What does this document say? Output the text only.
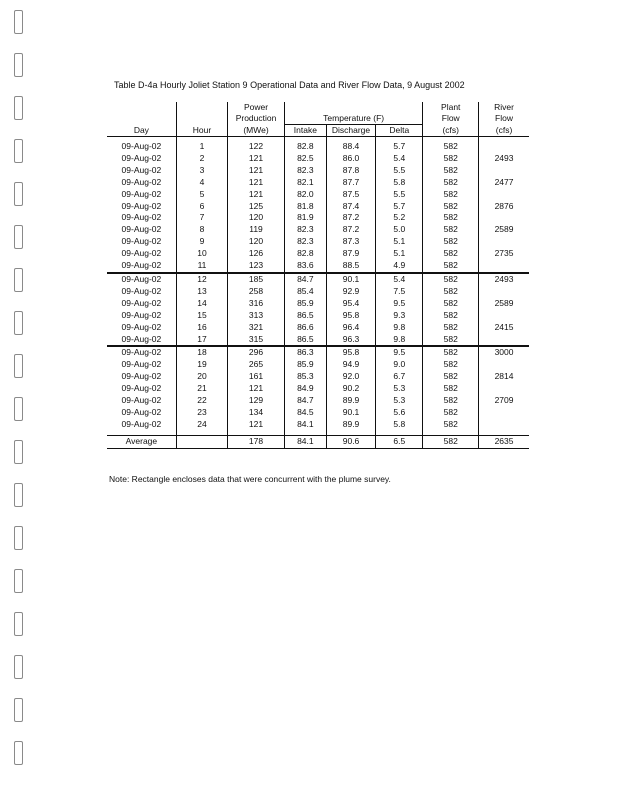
Table D-4a Hourly Joliet Station 9 Operational Data and River Flow Data, 9 August 2002
		Power				Plant	River
		Production	Temperature (F)			Flow	Flow
Day	Hour	(MWe)	Intake	Discharge	Delta	(cfs)	(cfs)

09-Aug-02	1	122	82.8	88.4	5.7	582	
09-Aug-02	2	121	82.5	86.0	5.4	582	2493
09-Aug-02	3	121	82.3	87.8	5.5	582	
09-Aug-02	4	121	82.1	87.7	5.8	582	2477
09-Aug-02	5	121	82.0	87.5	5.5	582	
09-Aug-02	6	125	81.8	87.4	5.7	582	2876
09-Aug-02	7	120	81.9	87.2	5.2	582	
09-Aug-02	8	119	82.3	87.2	5.0	582	2589
09-Aug-02	9	120	82.3	87.3	5.1	582	
09-Aug-02	10	126	82.8	87.9	5.1	582	2735
09-Aug-02	11	123	83.6	88.5	4.9	582	
09-Aug-02	12	185	84.7	90.1	5.4	582	2493
09-Aug-02	13	258	85.4	92.9	7.5	582	
09-Aug-02	14	316	85.9	95.4	9.5	582	2589
09-Aug-02	15	313	86.5	95.8	9.3	582	
09-Aug-02	16	321	86.6	96.4	9.8	582	2415
09-Aug-02	17	315	86.5	96.3	9.8	582	
09-Aug-02	18	296	86.3	95.8	9.5	582	3000
09-Aug-02	19	265	85.9	94.9	9.0	582	
09-Aug-02	20	161	85.3	92.0	6.7	582	2814
09-Aug-02	21	121	84.9	90.2	5.3	582	
09-Aug-02	22	129	84.7	89.9	5.3	582	2709
09-Aug-02	23	134	84.5	90.1	5.6	582	
09-Aug-02	24	121	84.1	89.9	5.8	582	

Average		178	84.1	90.6	6.5	582	2635
Note: Rectangle encloses data that were concurrent with the plume survey.
